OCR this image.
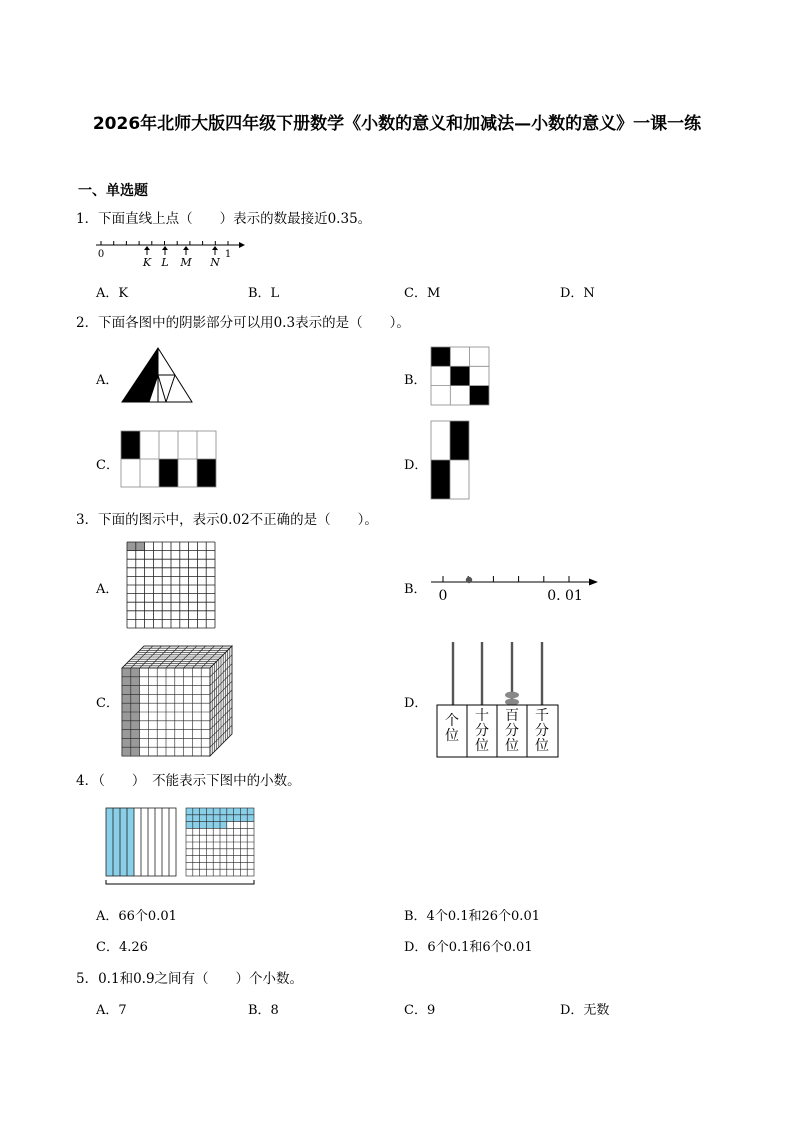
2026年北师大版四年级下册数学《小数的意义和加减法—小数的意义》一课一练
一、单选题
1．下面直线上点（　　）表示的数最接近0.35。
0	1
K L M N
A．K	B．L	C．M	D．N
2．下面各图中的阴影部分可以用0.3表示的是（　　）。
A．	B．
C．	D．
3．下面的图示中，表示0.02不正确的是（　　）。
A．	B． 0	0. 01
C．	D．
个位
十分位
百分位
千分位
4．（　　）　不能表示下图中的小数。
A．66个0.01	B．4个0.1和26个0.01
C．4.26	D．6个0.1和6个0.01
5．0.1和0.9之间有（　　）个小数。
A．7	B．8	C．9	D．无数
